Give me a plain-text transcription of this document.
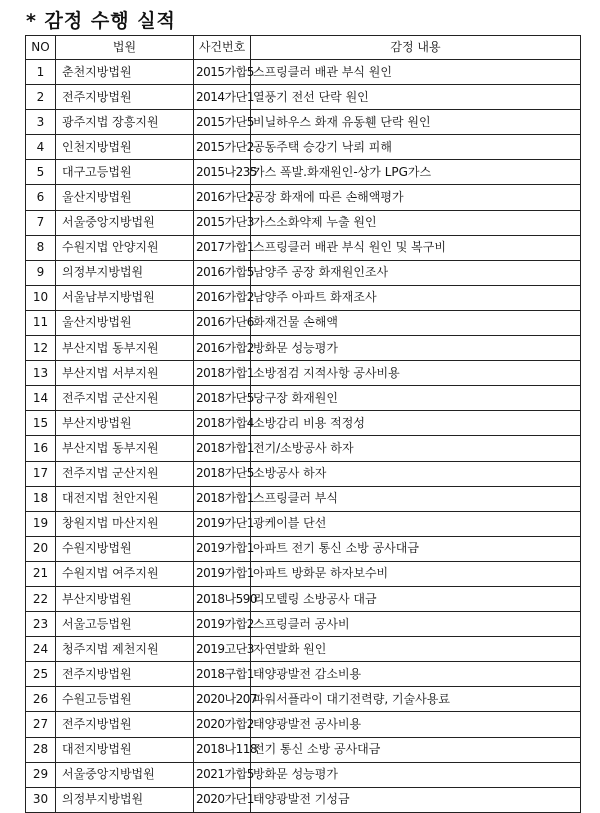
* 감정 수행 실적
NO	법원	사건번호	감정 내용
1	춘천지방법원	2015가합5	스프링클러 배관 부식 원인
2	전주지방법원	2014가단1	열풍기 전선 단락 원인
3	광주지법 장흥지원	2015가단5	비닐하우스 화재 유동휀 단락 원인
4	인천지방법원	2015가단2	공동주택 승강기 낙뢰 피해
5	대구고등법원	2015나235	가스 폭발.화재원인-상가 LPG가스
6	울산지방법원	2016가단2	공장 화재에 따른 손해액평가
7	서울중앙지방법원	2015가단3	가스소화약제 누출 원인
8	수원지법 안양지원	2017가합1	스프링클러 배관 부식 원인 및 복구비
9	의정부지방법원	2016가합5	남양주 공장 화재원인조사
10	서울남부지방법원	2016가합2	남양주 아파트 화재조사
11	울산지방법원	2016가단6	화재건물 손해액
12	부산지법 동부지원	2016가합2	방화문 성능평가
13	부산지법 서부지원	2018가합1	소방점검 지적사항 공사비용
14	전주지법 군산지원	2018가단5	당구장 화재원인
15	부산지방법원	2018가합4	소방감리 비용 적정성
16	부산지법 동부지원	2018가합1	전기/소방공사 하자
17	전주지법 군산지원	2018가단5	소방공사 하자
18	대전지법 천안지원	2018가합1	스프링클러 부식
19	창원지법 마산지원	2019가단1	광케이블 단선
20	수원지방법원	2019가합1	아파트 전기 통신 소방 공사대금
21	수원지법 여주지원	2019가합1	아파트 방화문 하자보수비
22	부산지방법원	2018나590	리모델링 소방공사 대금
23	서울고등법원	2019가합2	스프링클러 공사비
24	청주지법 제천지원	2019고단3	자연발화 원인
25	전주지방법원	2018구합1	태양광발전 감소비용
26	수원고등법원	2020나207	파워서플라이 대기전력량, 기술사용료
27	전주지방법원	2020가합2	태양광발전 공사비용
28	대전지방법원	2018나118	전기 통신 소방 공사대금
29	서울중앙지방법원	2021가합5	방화문 성능평가
30	의정부지방법원	2020가단1	태양광발전 기성금
